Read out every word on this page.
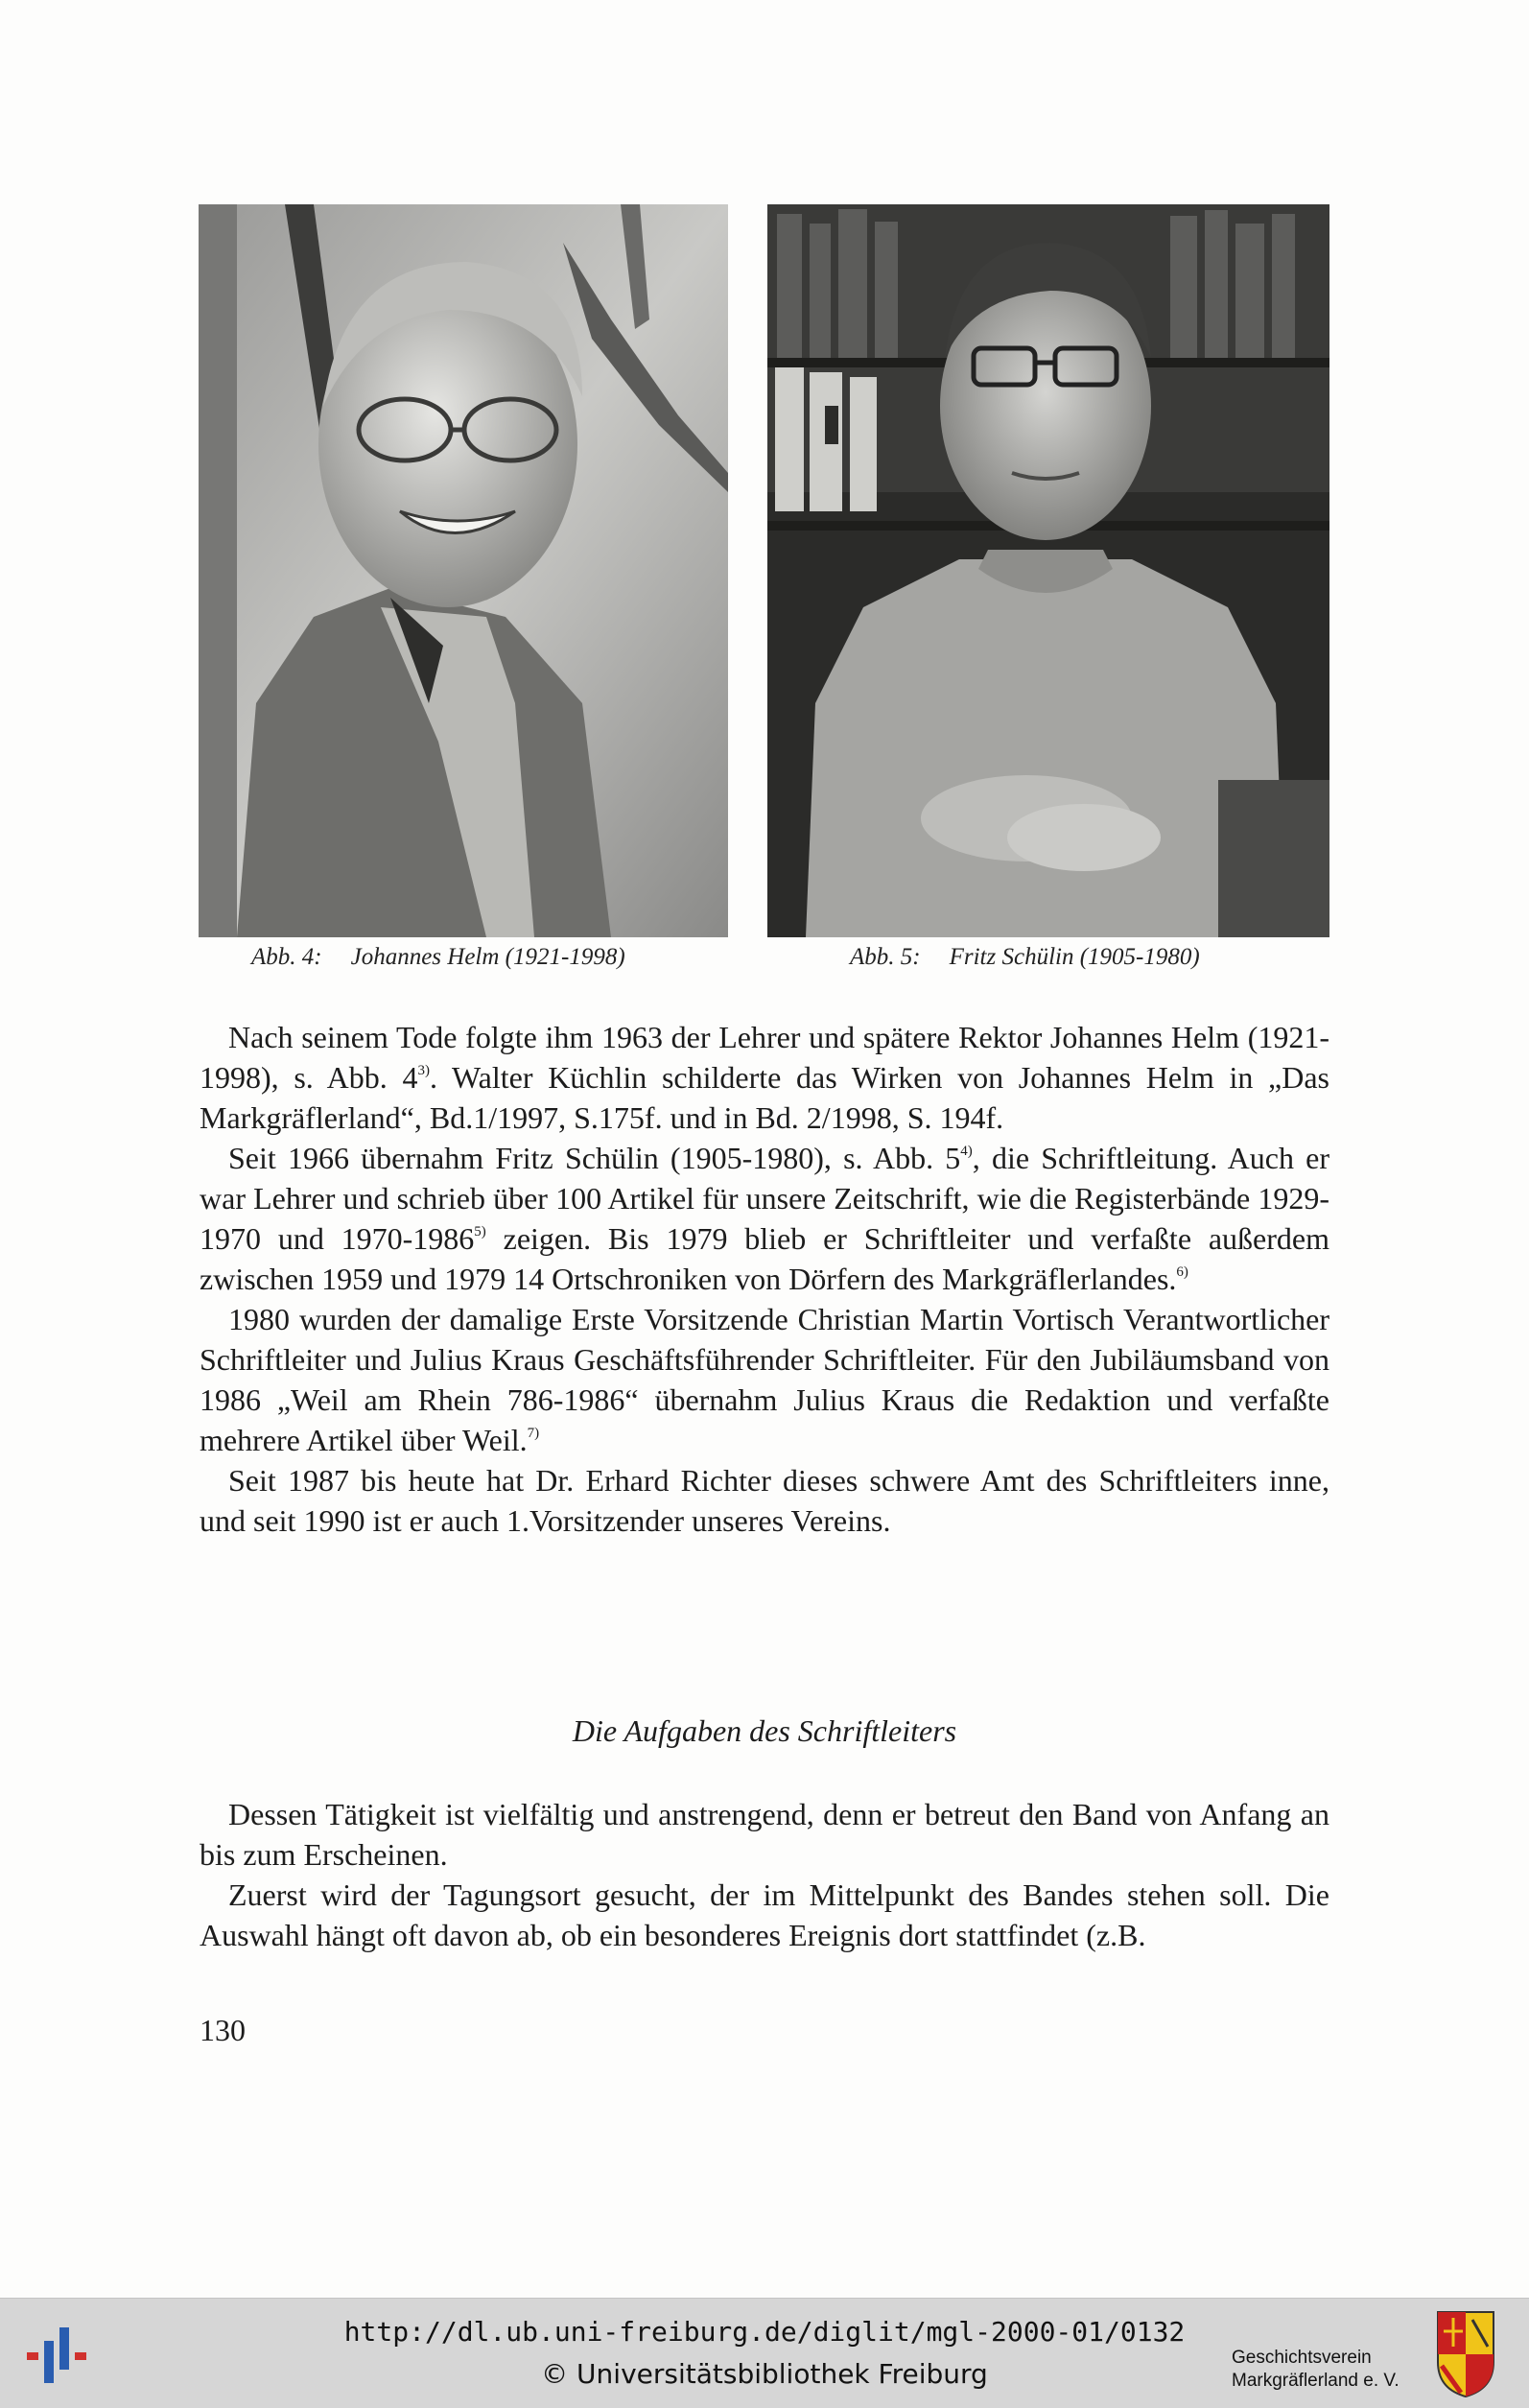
Abb. 4: Johannes Helm (1921-1998)	Abb. 5: Fritz Schülin (1905-1980)

Nach seinem Tode folgte ihm 1963 der Lehrer und spätere Rektor Johannes Helm (1921-1998), s. Abb. 4$^{3)}$. Walter Küchlin schilderte das Wirken von Johannes Helm in „Das Markgräflerland“, Bd.1/1997, S.175f. und in Bd. 2/1998, S. 194f.

Seit 1966 übernahm Fritz Schülin (1905-1980), s. Abb. 5$^{4)}$, die Schriftleitung. Auch er war Lehrer und schrieb über 100 Artikel für unsere Zeitschrift, wie die Registerbände 1929-1970 und 1970-1986$^{5)}$ zeigen. Bis 1979 blieb er Schriftleiter und verfaßte außerdem zwischen 1959 und 1979 14 Ortschroniken von Dörfern des Markgräflerlandes.$^{6)}$

1980 wurden der damalige Erste Vorsitzende Christian Martin Vortisch Verantwortlicher Schriftleiter und Julius Kraus Geschäftsführender Schriftleiter. Für den Jubiläumsband von 1986 „Weil am Rhein 786-1986“ übernahm Julius Kraus die Redaktion und verfaßte mehrere Artikel über Weil.$^{7)}$

Seit 1987 bis heute hat Dr. Erhard Richter dieses schwere Amt des Schriftleiters inne, und seit 1990 ist er auch 1.Vorsitzender unseres Vereins.

Die Aufgaben des Schriftleiters

Dessen Tätigkeit ist vielfältig und anstrengend, denn er betreut den Band von Anfang an bis zum Erscheinen.

Zuerst wird der Tagungsort gesucht, der im Mittelpunkt des Bandes stehen soll. Die Auswahl hängt oft davon ab, ob ein besonderes Ereignis dort stattfindet (z.B.

130
http://dl.ub.uni-freiburg.de/diglit/mgl-2000-01/0132
© Universitätsbibliothek Freiburg
Geschichtsverein
Markgräflerland e. V.
